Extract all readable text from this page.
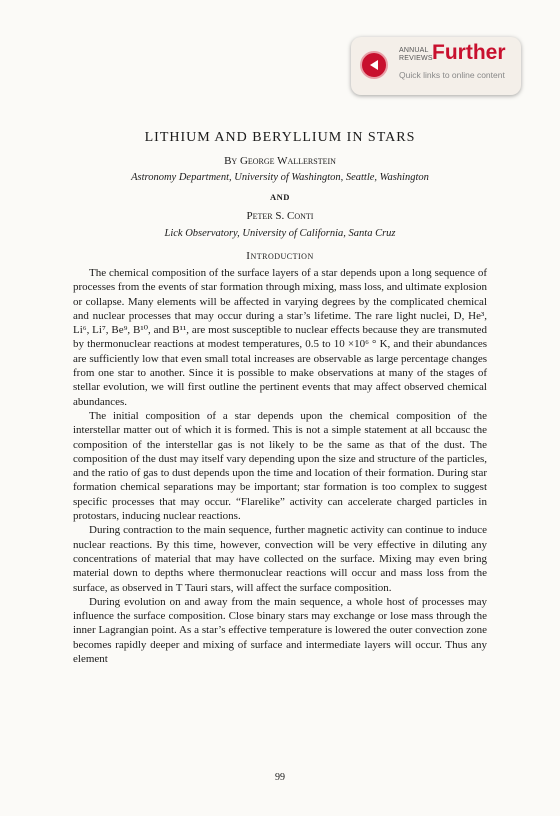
ANNUAL
REVIEWS Further
Quick links to online content
LITHIUM AND BERYLLIUM IN STARS
By George Wallerstein
Astronomy Department, University of Washington, Seattle, Washington
AND
Peter S. Conti
Lick Observatory, University of California, Santa Cruz
Introduction

The chemical composition of the surface layers of a star depends upon a long sequence of processes from the events of star formation through mixing, mass loss, and ultimate explosion or collapse. Many elements will be affected in varying degrees by the complicated chemical and nuclear processes that may occur during a star’s lifetime. The rare light nuclei, D, He³, Li⁶, Li⁷, Be⁹, B¹⁰, and B¹¹, are most susceptible to nuclear effects because they are transmuted by thermonuclear reactions at modest temperatures, 0.5 to 10 ×10⁶ ° K, and their abundances are sufficiently low that even small total increases are observable as large percentage changes from one star to another. Since it is possible to make observations at many of the stages of stellar evolution, we will first outline the pertinent events that may affect observed chemical abundances.

The initial composition of a star depends upon the chemical composition of the interstellar matter out of which it is formed. This is not a simple statement at all bccausc the composition of the interstellar gas is not likely to be the same as that of the dust. The composition of the dust may itself vary depending upon the size and structure of the particles, and the ratio of gas to dust depends upon the time and location of their formation. During star formation chemical separations may be important; star formation is too complex to suggest specific processes that may occur. “Flarelike” activity can accelerate charged particles in protostars, inducing nuclear reactions.

During contraction to the main sequence, further magnetic activity can continue to induce nuclear reactions. By this time, however, convection will be very effective in diluting any concentrations of material that may have collected on the surface. Mixing may even bring material down to depths where thermonuclear reactions will occur and mass loss from the surface, as observed in T Tauri stars, will affect the surface composition.

During evolution on and away from the main sequence, a whole host of processes may influence the surface composition. Close binary stars may exchange or lose mass through the inner Lagrangian point. As a star’s effective temperature is lowered the outer convection zone becomes rapidly deeper and mixing of surface and intermediate layers will occur. Thus any element

99
